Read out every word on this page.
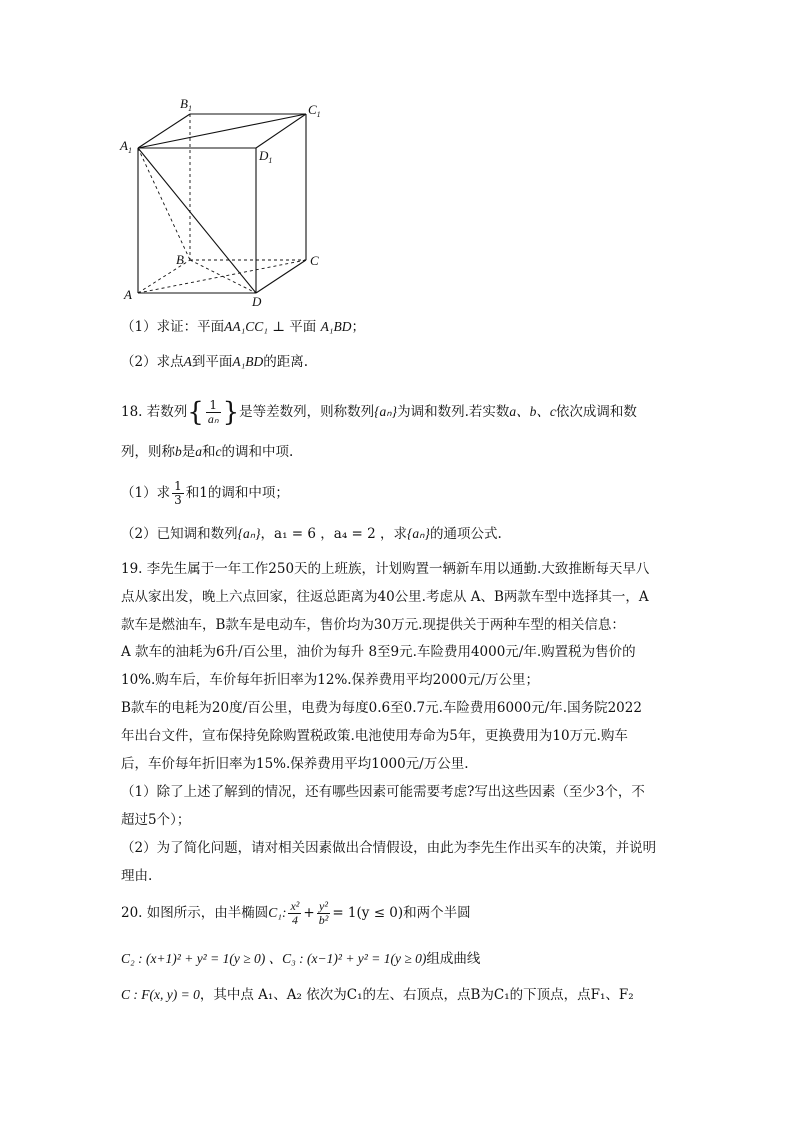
$B_1$	$C_1$
$A_1$	$D_1$
B	C
A	D
（1）求证：平面AA₁CC₁ ⊥ 平面 A₁BD；
（2）求点A到平面A₁BD的距离.
18. 若数列{ $\frac{1}{\text{aₙ}}$ }是等差数列，则称数列{aₙ}为调和数列.若实数a、b、c依次成调和数
列，则称b是a和c的调和中项.
（1）求 $\frac{1}{3}$ 和1的调和中项；
（2）已知调和数列{aₙ}，a₁ = 6 ，a₄ = 2 ，求{aₙ}的通项公式.
19. 李先生属于一年工作250天的上班族，计划购置一辆新车用以通勤.大致推断每天早八
点从家出发，晚上六点回家，往返总距离为40公里.考虑从 A、B两款车型中选择其一，A
款车是燃油车，B款车是电动车，售价均为30万元.现提供关于两种车型的相关信息：
A 款车的油耗为6升/百公里，油价为每升 8至9元.车险费用4000元/年.购置税为售价的
10%.购车后，车价每年折旧率为12%.保养费用平均2000元/万公里；
B款车的电耗为20度/百公里，电费为每度0.6至0.7元.车险费用6000元/年.国务院2022
年出台文件，宣布保持免除购置税政策.电池使用寿命为5年，更换费用为10万元.购车
后，车价每年折旧率为15%.保养费用平均1000元/万公里.
（1）除了上述了解到的情况，还有哪些因素可能需要考虑?写出这些因素（至少3个，不
超过5个）；
（2）为了简化问题，请对相关因素做出合情假设，由此为李先生作出买车的决策，并说明
理由.
20. 如图所示，由半椭圆C₁: $\frac{\text{x²}}{4} + \frac{\text{y²}}{\text{b²}} = 1(y \le 0)$和两个半圆
C₂ : (x+1)² + y² = 1(y ≥ 0) 、C₃ : (x−1)² + y² = 1(y ≥ 0)组成曲线
C : F(x, y) = 0，其中点 A₁、A₂ 依次为C₁的左、右顶点，点B为C₁的下顶点，点F₁、F₂
